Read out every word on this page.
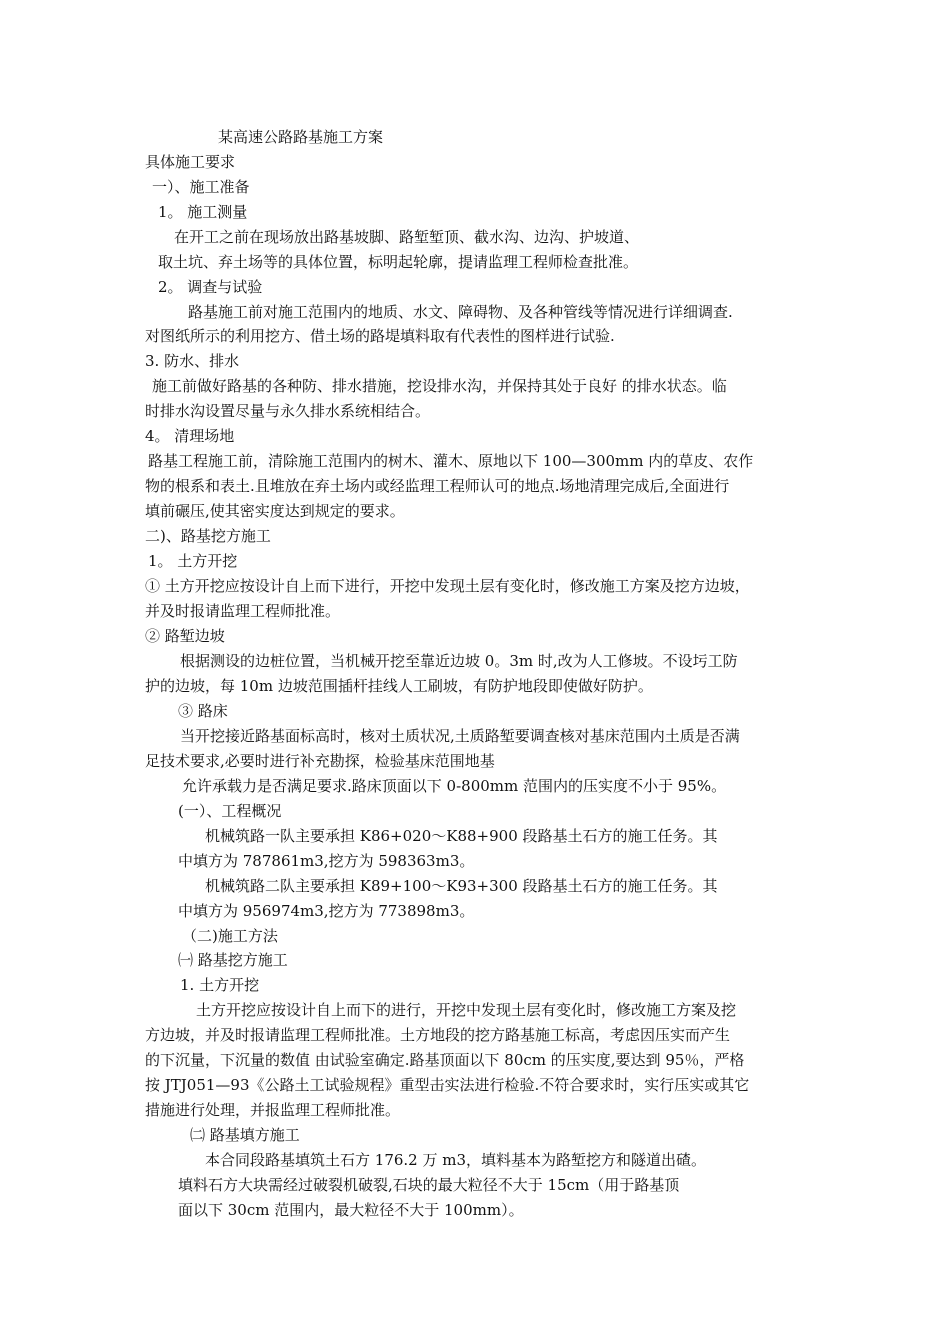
某高速公路路基施工方案
具体施工要求
一）、施工准备
1。 施工测量
在开工之前在现场放出路基坡脚、路堑堑顶、截水沟、边沟、护坡道、
取土坑、弃土场等的具体位置，标明起轮廓，提请监理工程师检查批准。
2。 调查与试验
路基施工前对施工范围内的地质、水文、障碍物、及各种管线等情况进行详细调查.
对图纸所示的利用挖方、借土场的路堤填料取有代表性的图样进行试验.
3. 防水、排水
施工前做好路基的各种防、排水措施，挖设排水沟，并保持其处于良好 的排水状态。临
时排水沟设置尽量与永久排水系统相结合。
4。 清理场地
路基工程施工前，清除施工范围内的树木、灌木、原地以下 100—300mm 内的草皮、农作
物的根系和表土.且堆放在弃土场内或经监理工程师认可的地点.场地清理完成后,全面进行
填前碾压,使其密实度达到规定的要求。
二)、路基挖方施工
1。 土方开挖
① 土方开挖应按设计自上而下进行，开挖中发现土层有变化时，修改施工方案及挖方边坡，
并及时报请监理工程师批准。
② 路堑边坡
根据测设的边桩位置，当机械开挖至靠近边坡 0。3m 时,改为人工修坡。不设圬工防
护的边坡，每 10m 边坡范围插杆挂线人工刷坡，有防护地段即使做好防护。
③ 路床
当开挖接近路基面标高时，核对土质状况,土质路堑要调查核对基床范围内土质是否满
足技术要求,必要时进行补充勘探，检验基床范围地基
允许承载力是否满足要求.路床顶面以下 0-800mm 范围内的压实度不小于 95%。
(一）、工程概况
机械筑路一队主要承担 K86+020～K88+900 段路基土石方的施工任务。其
中填方为 787861m3,挖方为 598363m3。
机械筑路二队主要承担 K89+100～K93+300 段路基土石方的施工任务。其
中填方为 956974m3,挖方为 773898m3。
（二)施工方法
㈠ 路基挖方施工
1. 土方开挖
土方开挖应按设计自上而下的进行，开挖中发现土层有变化时，修改施工方案及挖
方边坡，并及时报请监理工程师批准。土方地段的挖方路基施工标高，考虑因压实而产生
的下沉量，下沉量的数值 由试验室确定.路基顶面以下 80cm 的压实度,要达到 95％，严格
按 JTJ051—93《公路土工试验规程》重型击实法进行检验.不符合要求时，实行压实或其它
措施进行处理，并报监理工程师批准。
㈡ 路基填方施工
本合同段路基填筑土石方 176.2 万 m3，填料基本为路堑挖方和隧道出碴。
填料石方大块需经过破裂机破裂,石块的最大粒径不大于 15cm（用于路基顶
面以下 30cm 范围内，最大粒径不大于 100mm）。
